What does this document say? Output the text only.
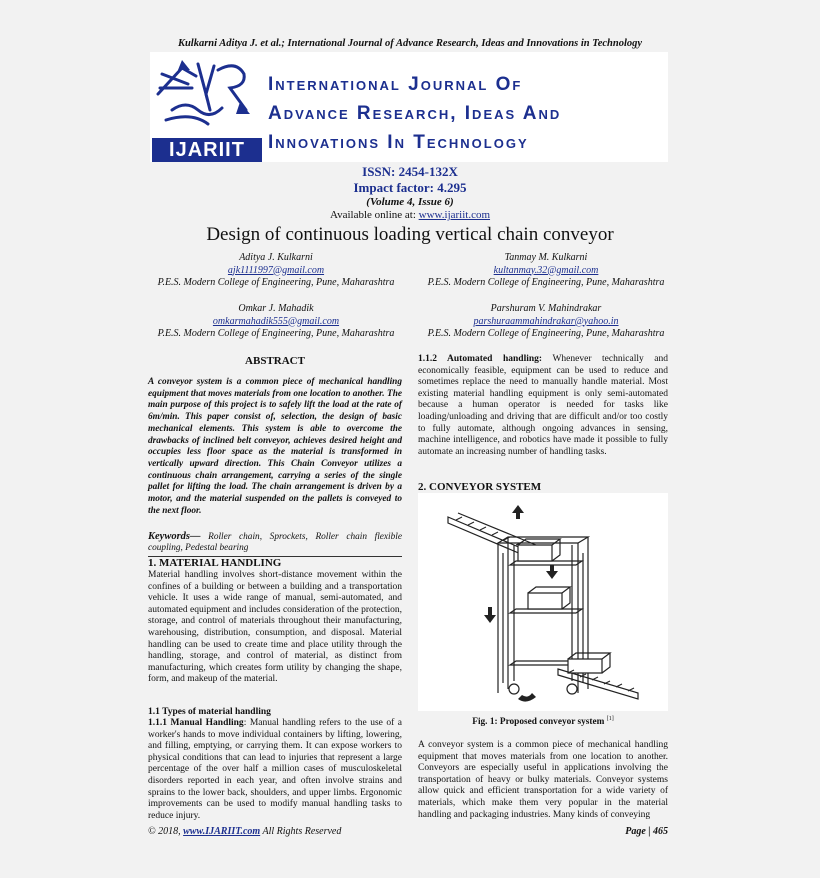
Kulkarni Aditya J. et al.; International Journal of Advance Research, Ideas and Innovations in Technology
IJARIIT
International Journal Of
Advance Research, Ideas And
Innovations In Technology
ISSN: 2454-132X
Impact factor: 4.295
(Volume 4, Issue 6)
Available online at: www.ijariit.com
Design of continuous loading vertical chain conveyor
Aditya J. Kulkarni
ajk1111997@gmail.com
P.E.S. Modern College of Engineering, Pune, Maharashtra
Tanmay M. Kulkarni
kultanmay.32@gmail.com
P.E.S. Modern College of Engineering, Pune, Maharashtra
Omkar J. Mahadik
omkarmahadik555@gmail.com
P.E.S. Modern College of Engineering, Pune, Maharashtra
Parshuram V. Mahindrakar
parshuraammahindrakar@yahoo.in
P.E.S. Modern College of Engineering, Pune, Maharashtra
ABSTRACT
A conveyor system is a common piece of mechanical handling equipment that moves materials from one location to another. The main purpose of this project is to safely lift the load at the rate of 6m/min. This paper consist of, selection, the design of basic mechanical elements. This system is able to overcome the drawbacks of inclined belt conveyor, achieves desired height and occupies less floor space as the material is transformed in vertically upward direction. This Chain Conveyor utilizes a continuous chain arrangement, carrying a series of the single pallet for lifting the load. The chain arrangement is driven by a motor, and the material suspended on the pallets is conveyed to the next floor.
Keywords— Roller chain, Sprockets, Roller chain flexible coupling, Pedestal bearing
1. MATERIAL HANDLING
Material handling involves short-distance movement within the confines of a building or between a building and a transportation vehicle. It uses a wide range of manual, semi-automated, and automated equipment and includes consideration of the protection, storage, and control of materials throughout their manufacturing, warehousing, distribution, consumption, and disposal. Material handling can be used to create time and place utility through the handling, storage, and control of material, as distinct from manufacturing, which creates form utility by changing the shape, form, and makeup of the material.
1.1 Types of material handling
1.1.1 Manual Handling: Manual handling refers to the use of a worker's hands to move individual containers by lifting, lowering, and filling, emptying, or carrying them. It can expose workers to physical conditions that can lead to injuries that represent a large percentage of the over half a million cases of musculoskeletal disorders reported in each year, and often involve strains and sprains to the lower back, shoulders, and upper limbs. Ergonomic improvements can be used to modify manual handling tasks to reduce injury.
1.1.2 Automated handling: Whenever technically and economically feasible, equipment can be used to reduce and sometimes replace the need to manually handle material. Most existing material handling equipment is only semi-automated because a human operator is needed for tasks like loading/unloading and driving that are difficult and/or too costly to fully automate, although ongoing advances in sensing, machine intelligence, and robotics have made it possible to fully automate an increasing number of handling tasks.
2. CONVEYOR SYSTEM
Fig. 1: Proposed conveyor system [1]
A conveyor system is a common piece of mechanical handling equipment that moves materials from one location to another. Conveyors are especially useful in applications involving the transportation of heavy or bulky materials. Conveyor systems allow quick and efficient transportation for a wide variety of materials, which make them very popular in the material handling and packaging industries. Many kinds of conveying
© 2018, www.IJARIIT.com All Rights Reserved	Page | 465
